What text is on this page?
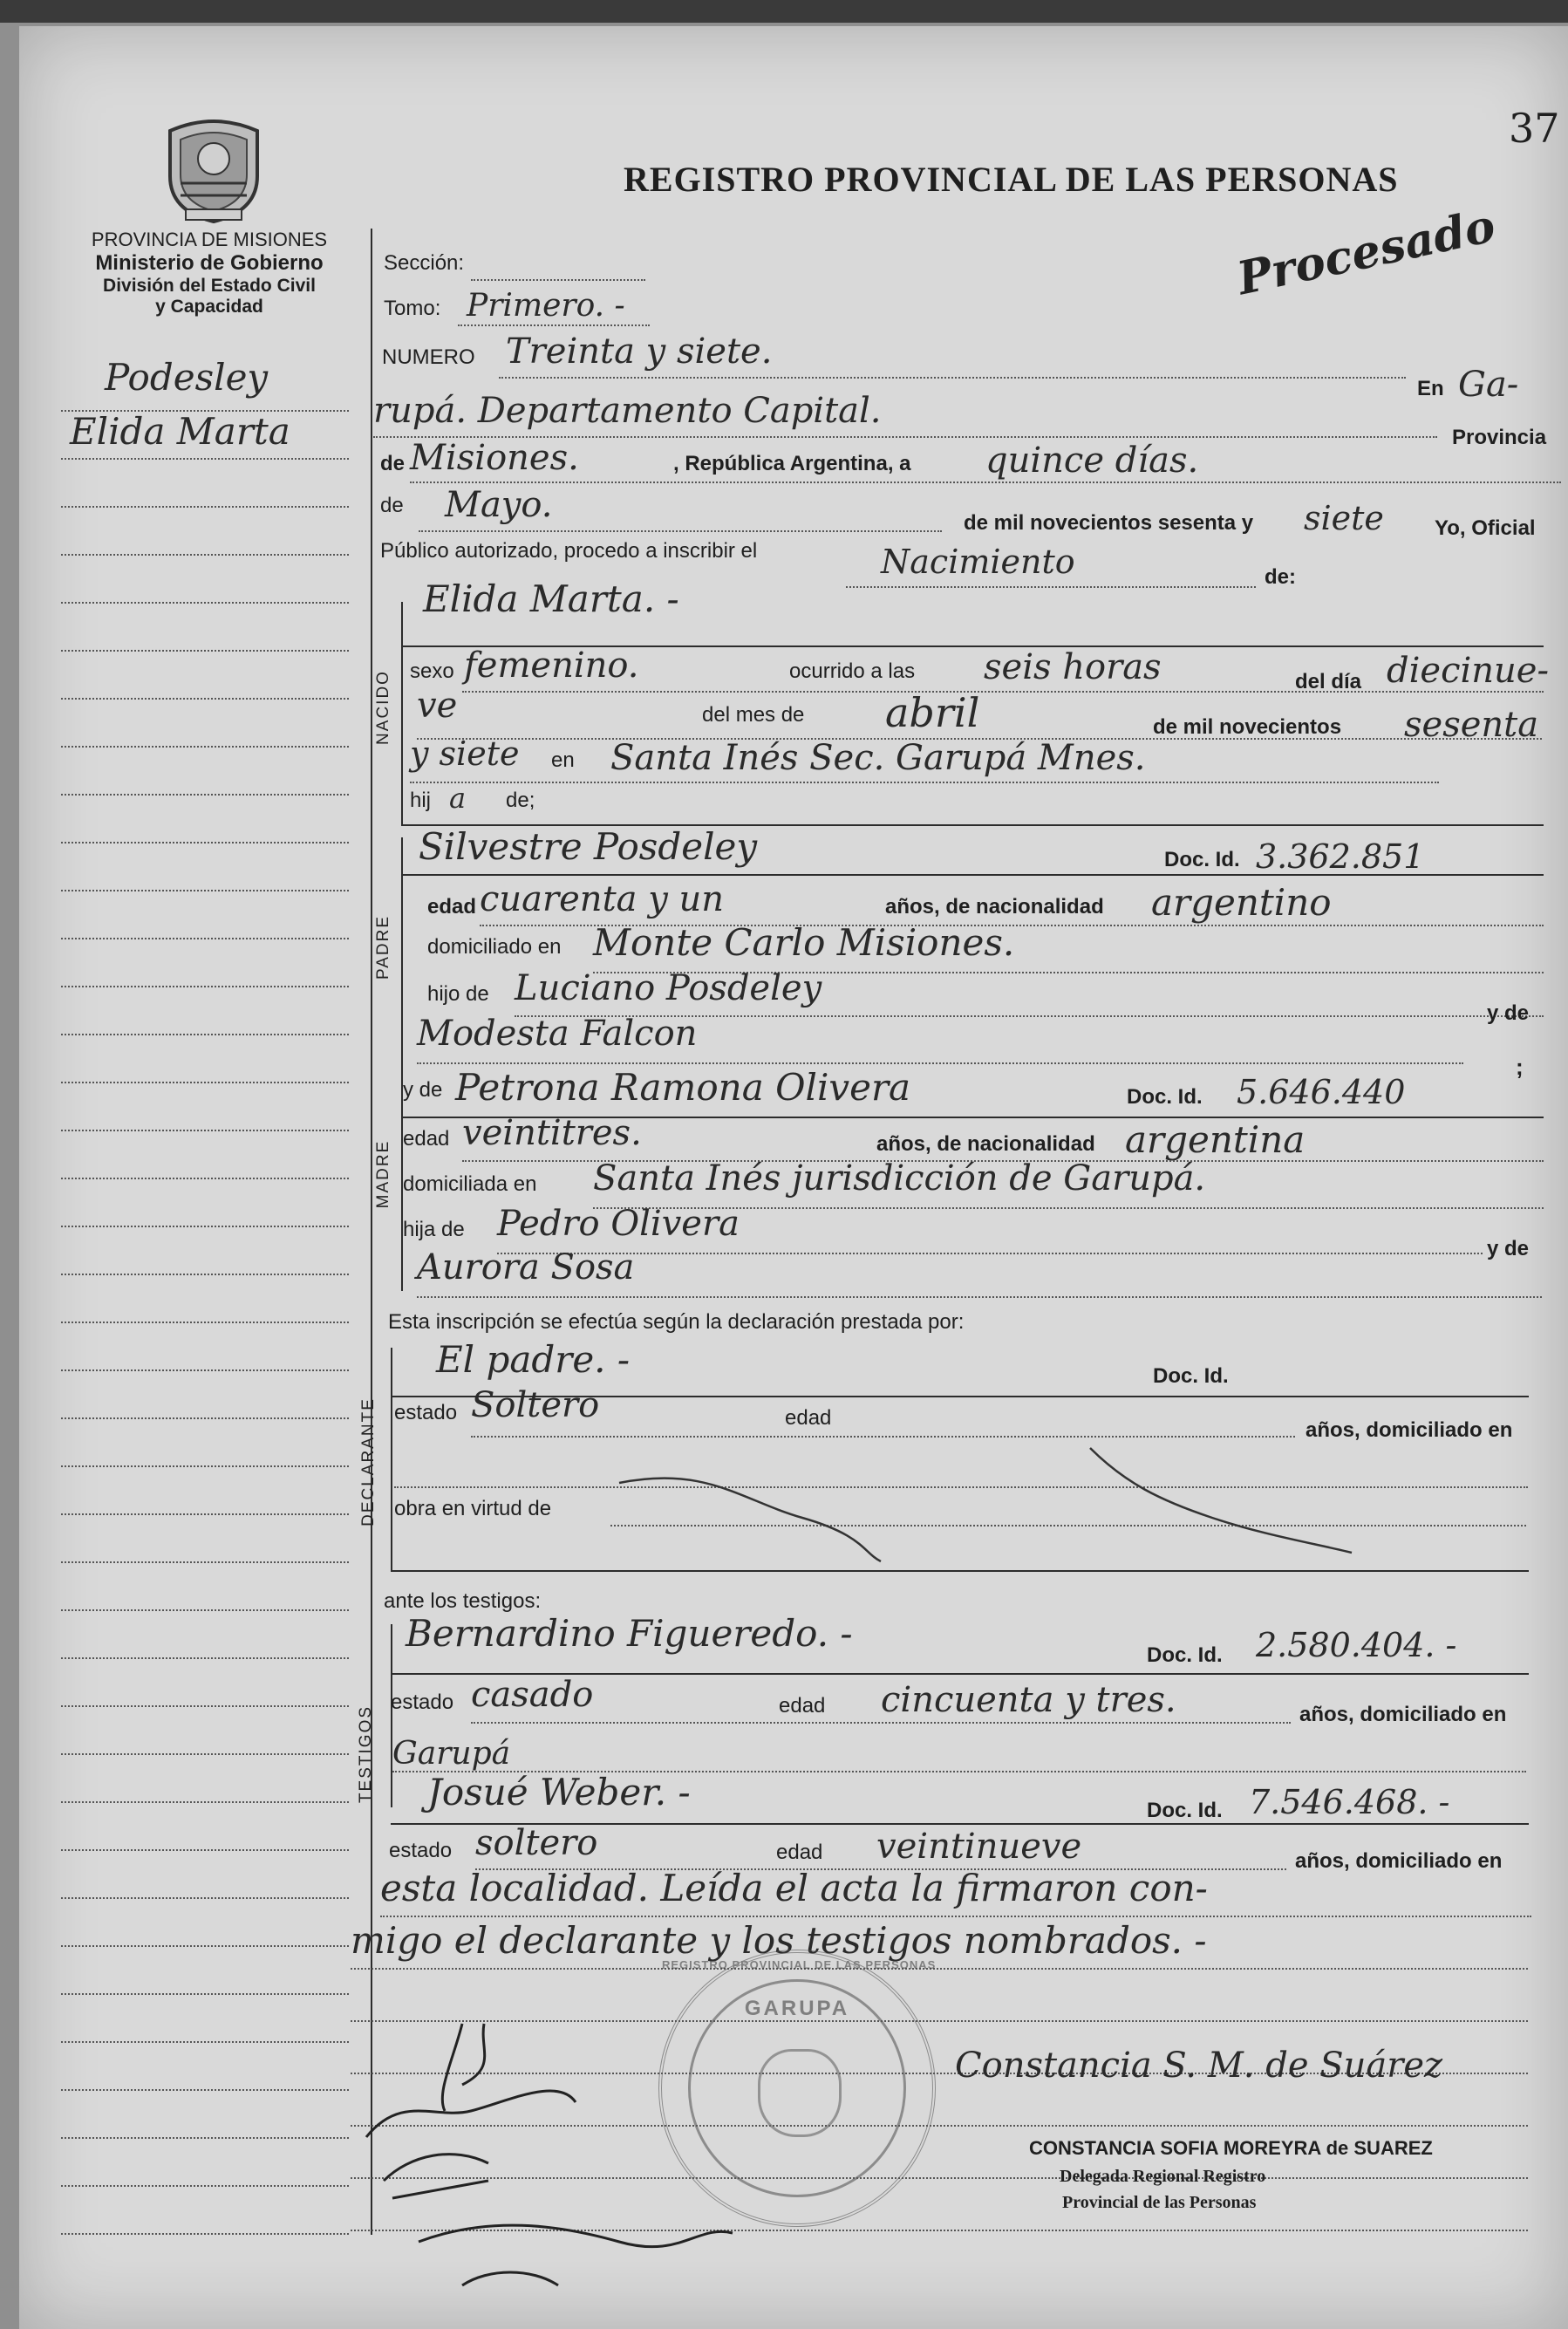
37
PROVINCIA DE MISIONES
Ministerio de Gobierno
División del Estado Civil
y Capacidad
REGISTRO PROVINCIAL DE LAS PERSONAS
Procesado
Podesley
Elida Marta
Sección:
Tomo: Primero. -
NUMERO Treinta y siete.
En Ga-
rupá. Departamento Capital.
Provincia
de Misiones.	, República Argentina, a quince días.
de Mayo.	de mil novecientos sesenta y siete Yo, Oficial
Público autorizado, procedo a inscribir el	Nacimiento	de:
NACIDO
Elida Marta. -
sexo femenino.	ocurrido a las seis horas	del día diecinue-
ve	del mes de abril	de mil novecientos sesenta
y siete en Santa Inés Sec. Garupá Mnes.
hij a de;
PADRE
Silvestre Posdeley	Doc. Id. 3.362.851
edad cuarenta y un	años, de nacionalidad argentino
domiciliado en Monte Carlo Misiones.
hijo de Luciano Posdeley
Modesta Falcon
y de
;
MADRE
y de Petrona Ramona Olivera	Doc. Id. 5.646.440
edad veintitres.	años, de nacionalidad argentina
domiciliada en Santa Inés jurisdicción de Garupá.
hija de Pedro Olivera
y de
Aurora Sosa
Esta inscripción se efectúa según la declaración prestada por:
DECLARANTE
El padre. -	Doc. Id.
estado Soltero	edad
años, domiciliado en
obra en virtud de
ante los testigos:
TESTIGOS
Bernardino Figueredo. -
Doc. Id. 2.580.404. -
estado casado	edad cincuenta y tres.	años, domiciliado en
Garupá
Josué Weber. -	Doc. Id. 7.546.468. -
estado soltero	edad veintinueve	años, domiciliado en
esta localidad. Leída el acta la firmaron con-
migo el declarante y los testigos nombrados. -
GARUPA
REGISTRO PROVINCIAL DE LAS PERSONAS
Constancia S. M. de Suárez
CONSTANCIA SOFIA MOREYRA de SUAREZ
Delegada Regional Registro
Provincial de las Personas
